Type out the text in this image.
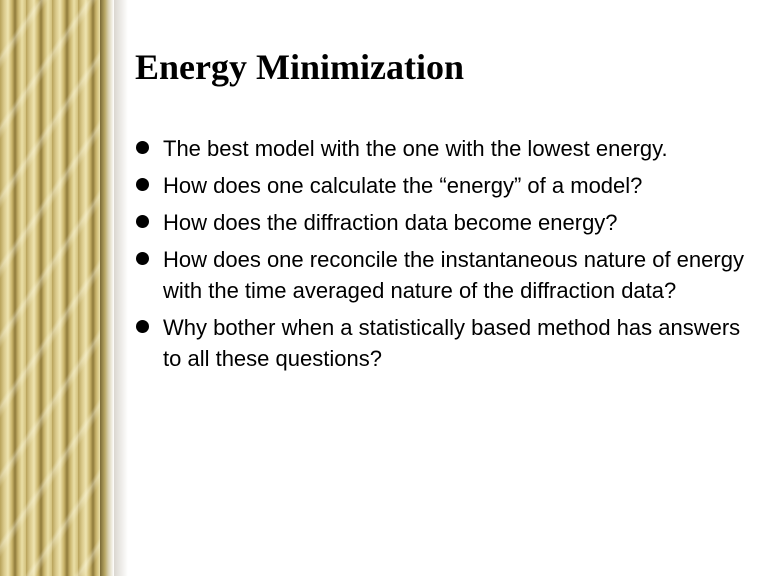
Energy Minimization
The best model with the one with the lowest energy.
How does one calculate the “energy” of a model?
How does the diffraction data become energy?
How does one reconcile the instantaneous nature of energy with the time averaged nature of the diffraction data?
Why bother when a statistically based method has answers to all these questions?
